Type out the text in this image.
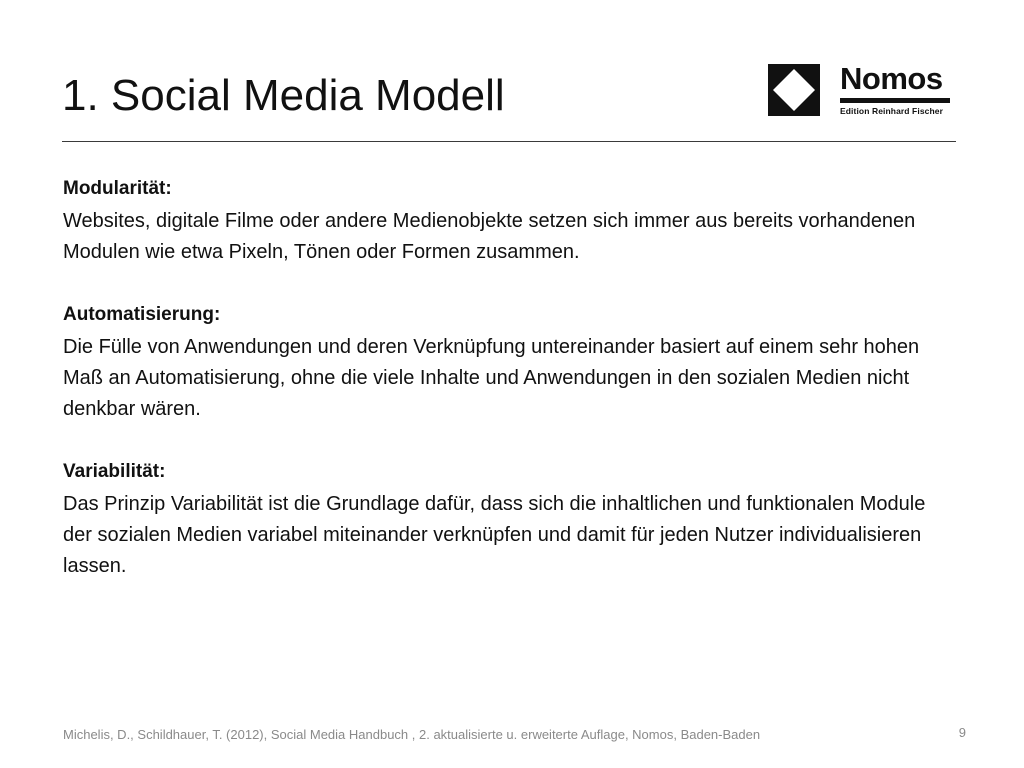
1. Social Media Modell	Nomos
Edition Reinhard Fischer
Modularität:

Websites, digitale Filme oder andere Medienobjekte setzen sich immer aus bereits vorhandenen Modulen wie etwa Pixeln, Tönen oder Formen zusammen.

Automatisierung:

Die Fülle von Anwendungen und deren Verknüpfung untereinander basiert auf einem sehr hohen Maß an Automatisierung, ohne die viele Inhalte und Anwendungen in den sozialen Medien nicht denkbar wären.

Variabilität:

Das Prinzip Variabilität ist die Grundlage dafür, dass sich die inhaltlichen und funktionalen Module der sozialen Medien variabel miteinander verknüpfen und damit für jeden Nutzer individualisieren lassen.

Michelis, D., Schildhauer, T. (2012), Social Media Handbuch , 2. aktualisierte u. erweiterte Auflage, Nomos, Baden-Baden	9
